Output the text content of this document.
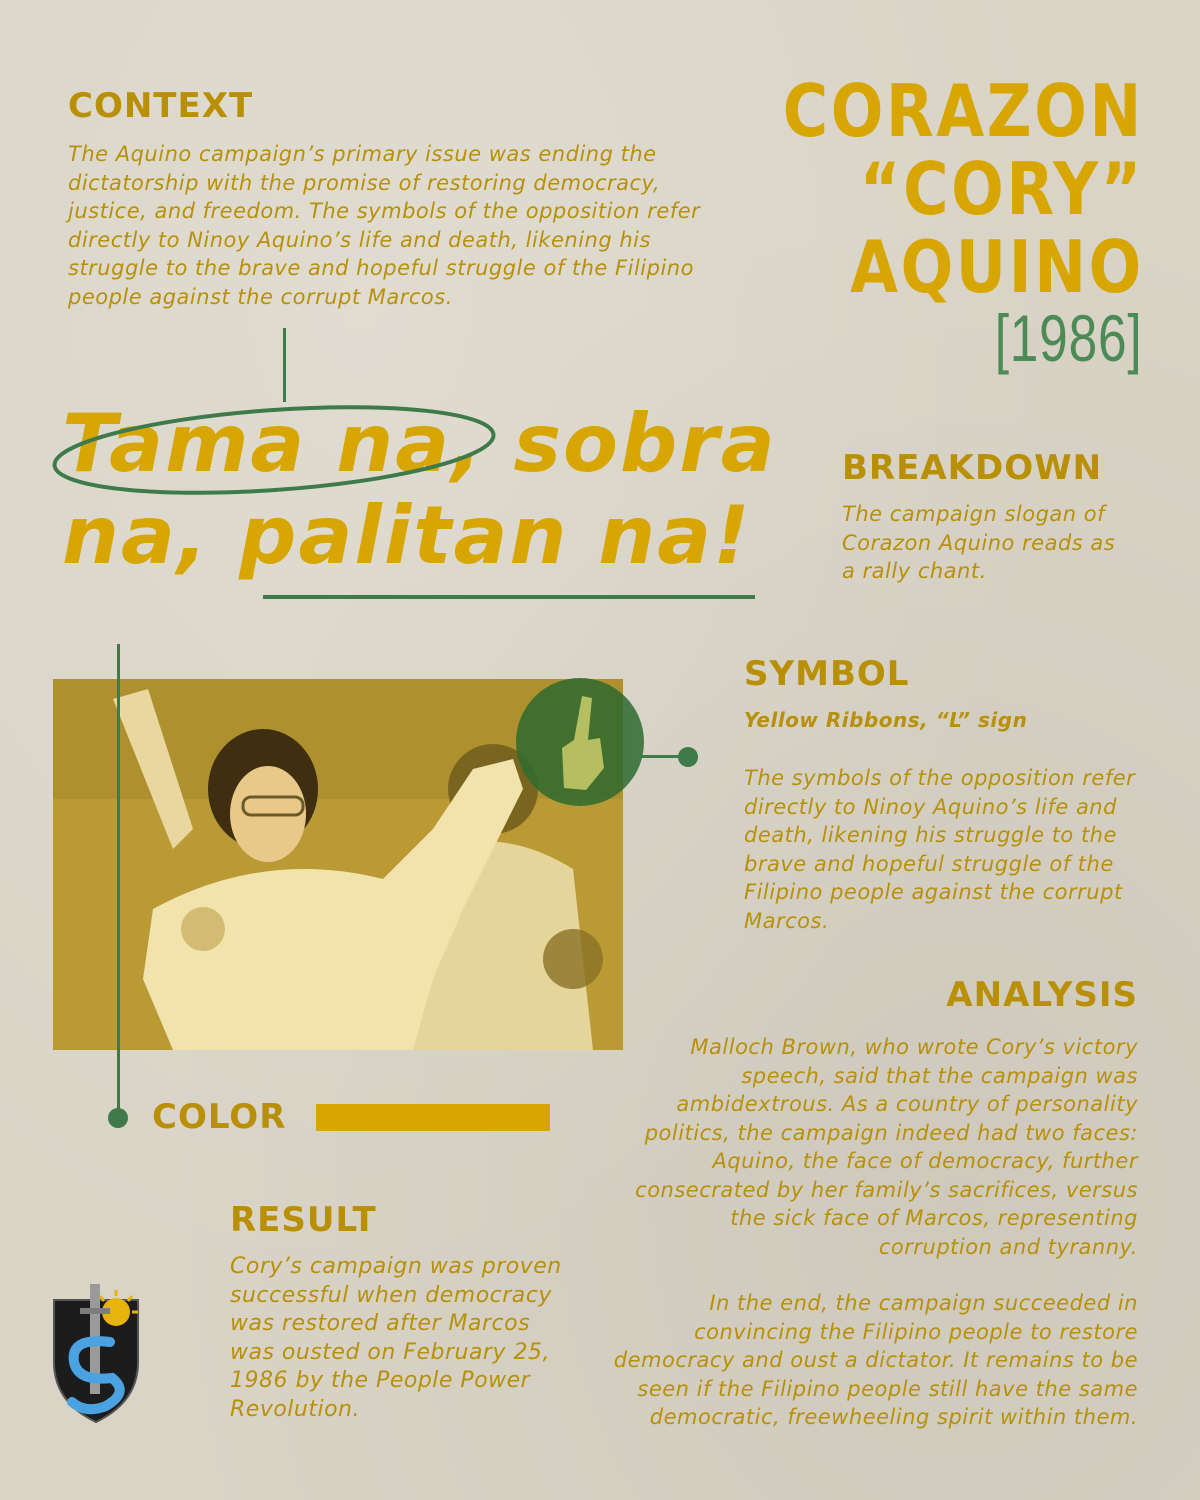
CONTEXT
The Aquino campaign’s primary issue was ending the
dictatorship with the promise of restoring democracy,
justice, and freedom. The symbols of the opposition refer
directly to Ninoy Aquino’s life and death, likening his
struggle to the brave and hopeful struggle of the Filipino
people against the corrupt Marcos.
CORAZON
“CORY”
AQUINO
[1986]
Tama na, sobra
na, palitan na!
BREAKDOWN
The campaign slogan of
Corazon Aquino reads as
a rally chant.
SYMBOL
Yellow Ribbons, “L” sign
The symbols of the opposition refer
directly to Ninoy Aquino’s life and
death, likening his struggle to the
brave and hopeful struggle of the
Filipino people against the corrupt
Marcos.
COLOR
ANALYSIS
Malloch Brown, who wrote Cory’s victory
speech, said that the campaign was
ambidextrous. As a country of personality
politics, the campaign indeed had two faces:
Aquino, the face of democracy, further
consecrated by her family’s sacrifices, versus
the sick face of Marcos, representing
corruption and tyranny.
In the end, the campaign succeeded in
convincing the Filipino people to restore
democracy and oust a dictator. It remains to be
seen if the Filipino people still have the same
democratic, freewheeling spirit within them.
RESULT
Cory’s campaign was proven
successful when democracy
was restored after Marcos
was ousted on February 25,
1986 by the People Power
Revolution.
